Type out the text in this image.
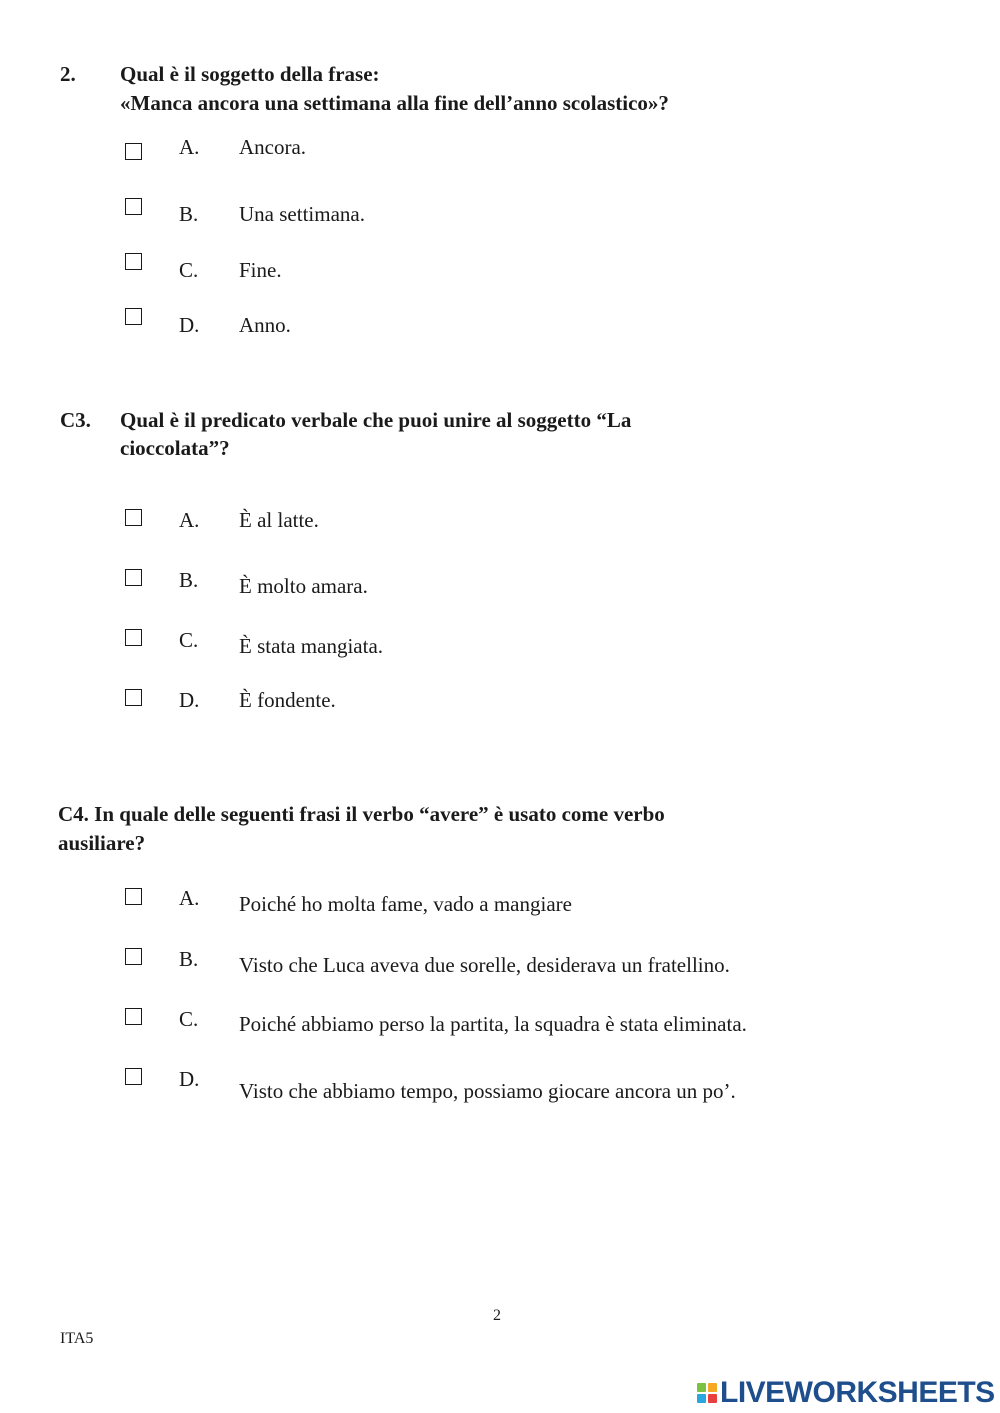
2. Qual è il soggetto della frase:
«Manca ancora una settimana alla fine dell’anno scolastico»?
A. Ancora.
B. Una settimana.
C. Fine.
D. Anno.
C3. Qual è il predicato verbale che puoi unire al soggetto “La
cioccolata”?
A. È al latte.
B. È molto amara.
C. È stata mangiata.
D. È fondente.
C4. In quale delle seguenti frasi il verbo “avere” è usato come verbo
ausiliare?
A. Poiché ho molta fame, vado a mangiare
B. Visto che Luca aveva due sorelle, desiderava un fratellino.
C. Poiché abbiamo perso la partita, la squadra è stata eliminata.
D. Visto che abbiamo tempo, possiamo giocare ancora un po’.
2
ITA5
LIVEWORKSHEETS
